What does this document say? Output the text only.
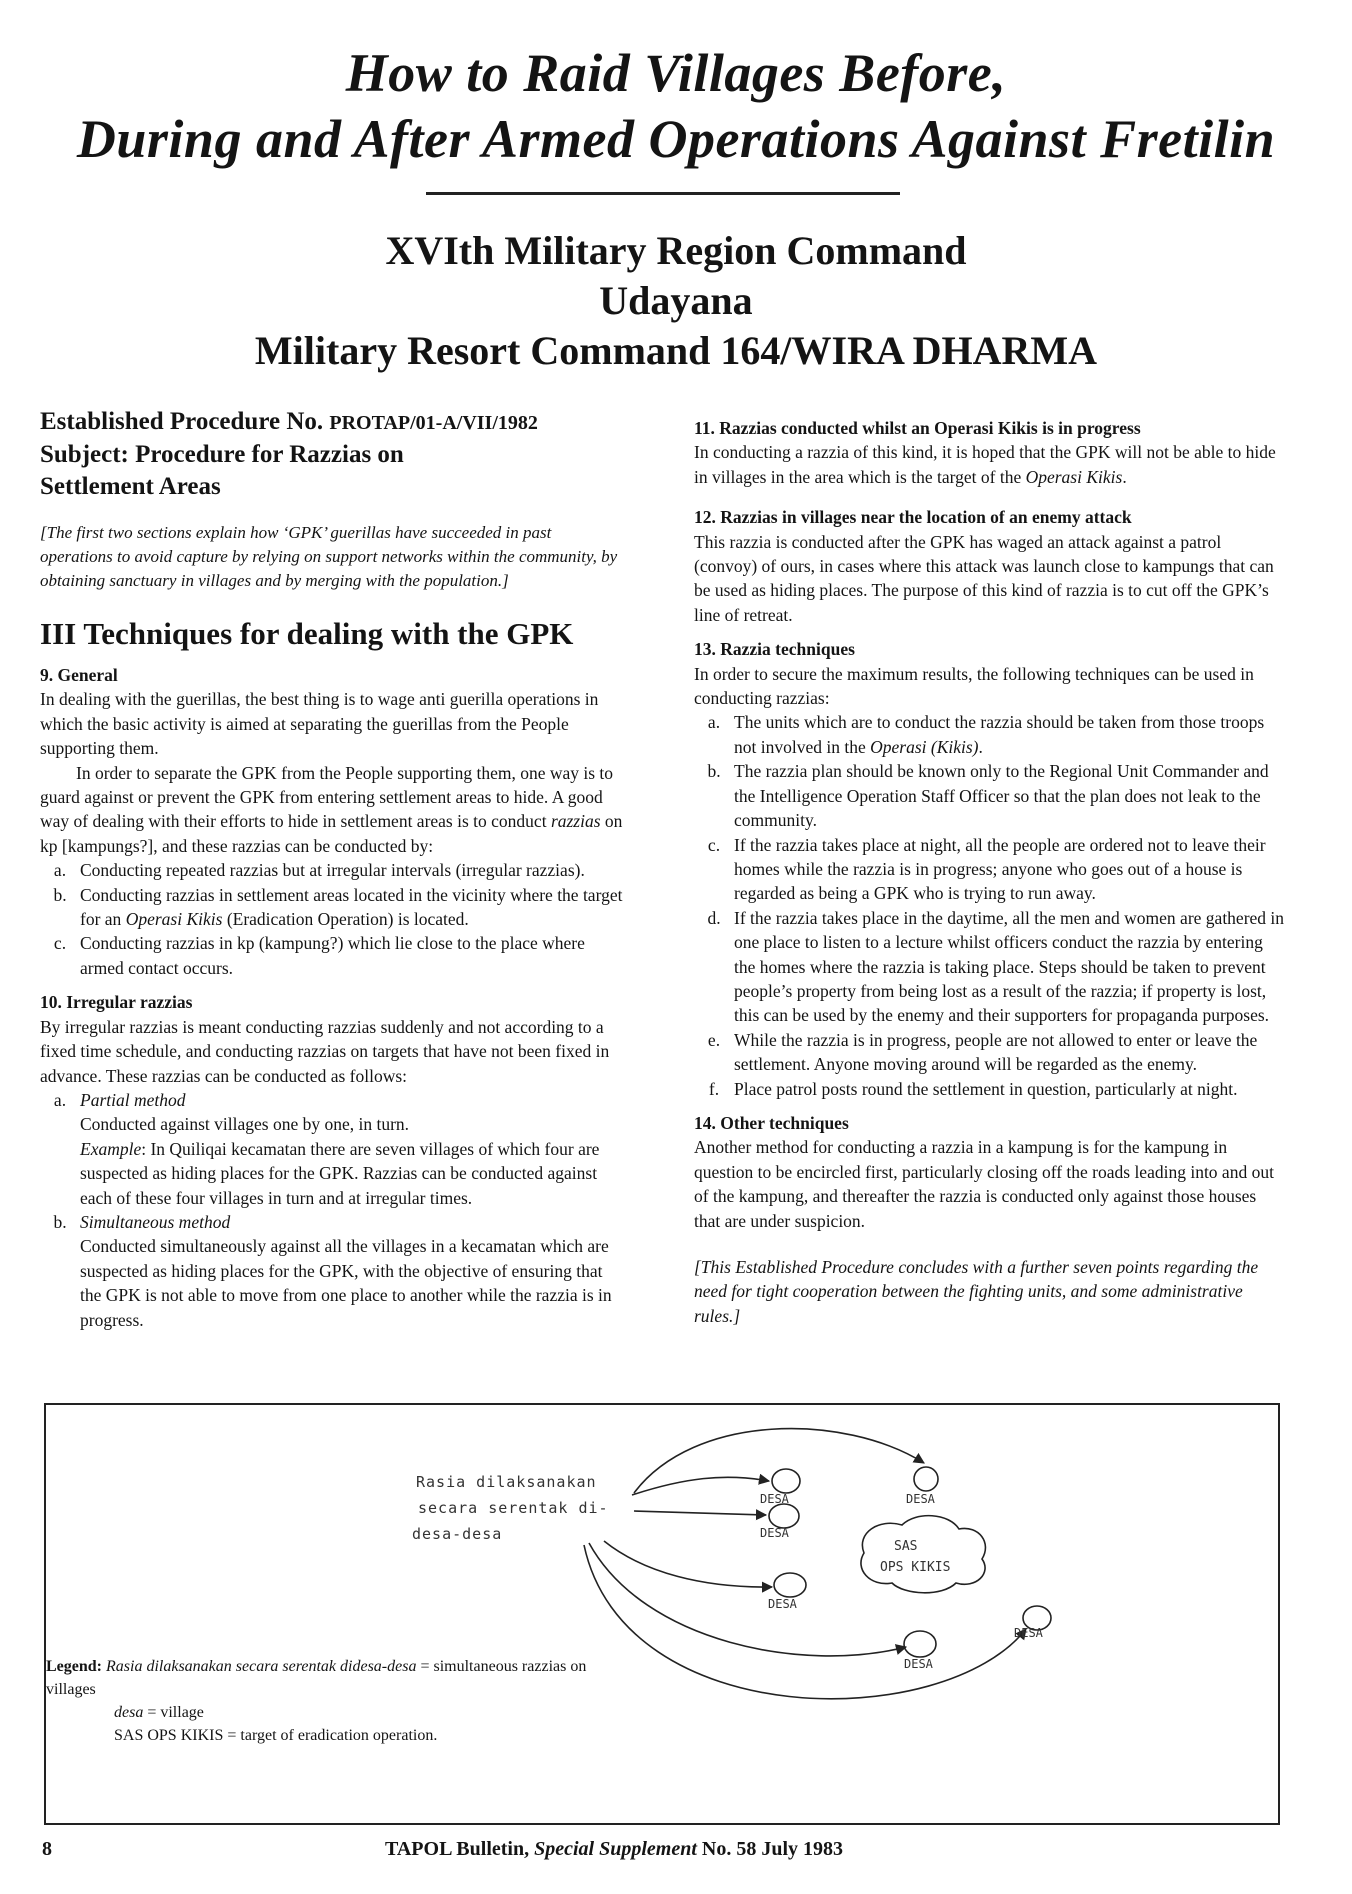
How to Raid Villages Before,
During and After Armed Operations Against Fretilin
XVIth Military Region Command
Udayana
Military Resort Command 164/WIRA DHARMA

Established Procedure No. PROTAP/01-A/VII/1982

Subject: Procedure for Razzias on

Settlement Areas

[The first two sections explain how ‘GPK’ guerillas have succeeded in past operations to avoid capture by relying on support networks within the community, by obtaining sanctuary in villages and by merging with the population.]

III Techniques for dealing with the GPK

9. General

In dealing with the guerillas, the best thing is to wage anti guerilla operations in which the basic activity is aimed at separating the guerillas from the People supporting them.

In order to separate the GPK from the People supporting them, one way is to guard against or prevent the GPK from entering settlement areas to hide. A good way of dealing with their efforts to hide in settlement areas is to conduct razzias on kp [kampungs?], and these razzias can be conducted by:

a. Conducting repeated razzias but at irregular intervals (irregular razzias).
b. Conducting razzias in settlement areas located in the vicinity where the target for an Operasi Kikis (Eradication Operation) is located.
c. Conducting razzias in kp (kampung?) which lie close to the place where armed contact occurs.

10. Irregular razzias

By irregular razzias is meant conducting razzias suddenly and not according to a fixed time schedule, and conducting razzias on targets that have not been fixed in advance. These razzias can be conducted as follows:

a. Partial method
Conducted against villages one by one, in turn.
Example: In Quiliqai kecamatan there are seven villages of which four are suspected as hiding places for the GPK. Razzias can be conducted against each of these four villages in turn and at irregular times.
b. Simultaneous method
Conducted simultaneously against all the villages in a kecamatan which are suspected as hiding places for the GPK, with the objective of ensuring that the GPK is not able to move from one place to another while the razzia is in progress.

11. Razzias conducted whilst an Operasi Kikis is in progress

In conducting a razzia of this kind, it is hoped that the GPK will not be able to hide in villages in the area which is the target of the Operasi Kikis.

12. Razzias in villages near the location of an enemy attack

This razzia is conducted after the GPK has waged an attack against a patrol (convoy) of ours, in cases where this attack was launch close to kampungs that can be used as hiding places. The purpose of this kind of razzia is to cut off the GPK’s line of retreat.

13. Razzia techniques

In order to secure the maximum results, the following techniques can be used in conducting razzias:

a. The units which are to conduct the razzia should be taken from those troops not involved in the Operasi (Kikis).
b. The razzia plan should be known only to the Regional Unit Commander and the Intelligence Operation Staff Officer so that the plan does not leak to the community.
c. If the razzia takes place at night, all the people are ordered not to leave their homes while the razzia is in progress; anyone who goes out of a house is regarded as being a GPK who is trying to run away.
d. If the razzia takes place in the daytime, all the men and women are gathered in one place to listen to a lecture whilst officers conduct the razzia by entering the homes where the razzia is taking place. Steps should be taken to prevent people’s property from being lost as a result of the razzia; if property is lost, this can be used by the enemy and their supporters for propaganda purposes.
e. While the razzia is in progress, people are not allowed to enter or leave the settlement. Anyone moving around will be regarded as the enemy.
f. Place patrol posts round the settlement in question, particularly at night.

14. Other techniques

Another method for conducting a razzia in a kampung is for the kampung in question to be encircled first, particularly closing off the roads leading into and out of the kampung, and thereafter the razzia is conducted only against those houses that are under suspicion.

[This Established Procedure concludes with a further seven points regarding the need for tight cooperation between the fighting units, and some administrative rules.]

Rasia dilaksanakan
secara serentak di-
desa-desa
DESA	DESA
DESA
DESA
DESA
DESA
SAS
OPS KIKIS
Legend: Rasia dilaksanakan secara serentak didesa-desa = simultaneous razzias on villages
desa = village
SAS OPS KIKIS = target of eradication operation.
8	TAPOL Bulletin, Special Supplement No. 58 July 1983
